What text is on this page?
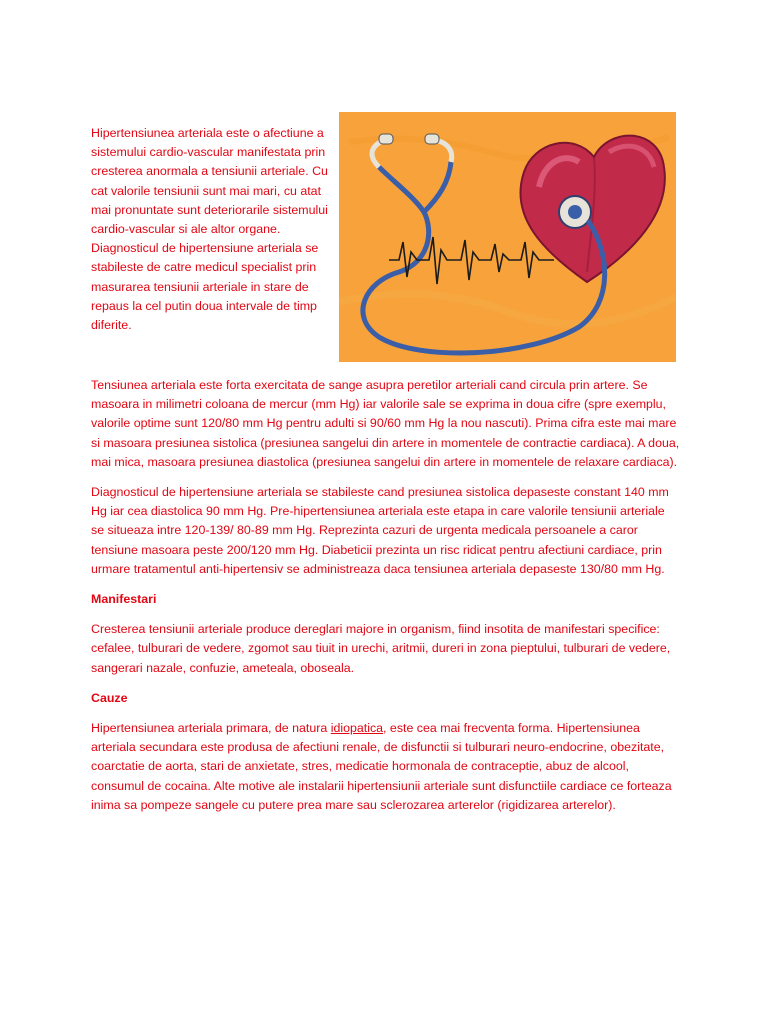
Hipertensiunea arteriala este o afectiune a sistemului cardio-vascular manifestata prin cresterea anormala a tensiunii arteriale. Cu cat valorile tensiunii sunt mai mari, cu atat mai pronuntate sunt deteriorarile sistemului cardio-vascular si ale altor organe. Diagnosticul de hipertensiune arteriala se stabileste de catre medicul specialist prin masurarea tensiunii arteriale in stare de repaus la cel putin doua intervale de timp diferite.

Tensiunea arteriala este forta exercitata de sange asupra peretilor arteriali cand circula prin artere. Se masoara in milimetri coloana de mercur (mm Hg) iar valorile sale se exprima in doua cifre (spre exemplu, valorile optime sunt 120/80 mm Hg pentru adulti si 90/60 mm Hg la nou nascuti). Prima cifra este mai mare si masoara presiunea sistolica (presiunea sangelui din artere in momentele de contractie cardiaca). A doua, mai mica, masoara presiunea diastolica (presiunea sangelui din artere in momentele de relaxare cardiaca).

Diagnosticul de hipertensiune arteriala se stabileste cand presiunea sistolica depaseste constant 140 mm Hg iar cea diastolica 90 mm Hg. Pre-hipertensiunea arteriala este etapa in care valorile tensiunii arteriale se situeaza intre 120-139/ 80-89 mm Hg. Reprezinta cazuri de urgenta medicala persoanele a caror tensiune masoara peste 200/120 mm Hg. Diabeticii prezinta un risc ridicat pentru afectiuni cardiace, prin urmare tratamentul anti-hipertensiv se administreaza daca tensiunea arteriala depaseste 130/80 mm Hg.

Manifestari

Cresterea tensiunii arteriale produce dereglari majore in organism, fiind insotita de manifestari specifice: cefalee, tulburari de vedere, zgomot sau tiuit in urechi, aritmii, dureri in zona pieptului, tulburari de vedere, sangerari nazale, confuzie, ameteala, oboseala.

Cauze

Hipertensiunea arteriala primara, de natura idiopatica, este cea mai frecventa forma. Hipertensiunea arteriala secundara este produsa de afectiuni renale, de disfunctii si tulburari neuro-endocrine, obezitate, coarctatie de aorta, stari de anxietate, stres, medicatie hormonala de contraceptie, abuz de alcool, consumul de cocaina. Alte motive ale instalarii hipertensiunii arteriale sunt disfunctiile cardiace ce forteaza inima sa pompeze sangele cu putere prea mare sau sclerozarea arterelor (rigidizarea arterelor).
